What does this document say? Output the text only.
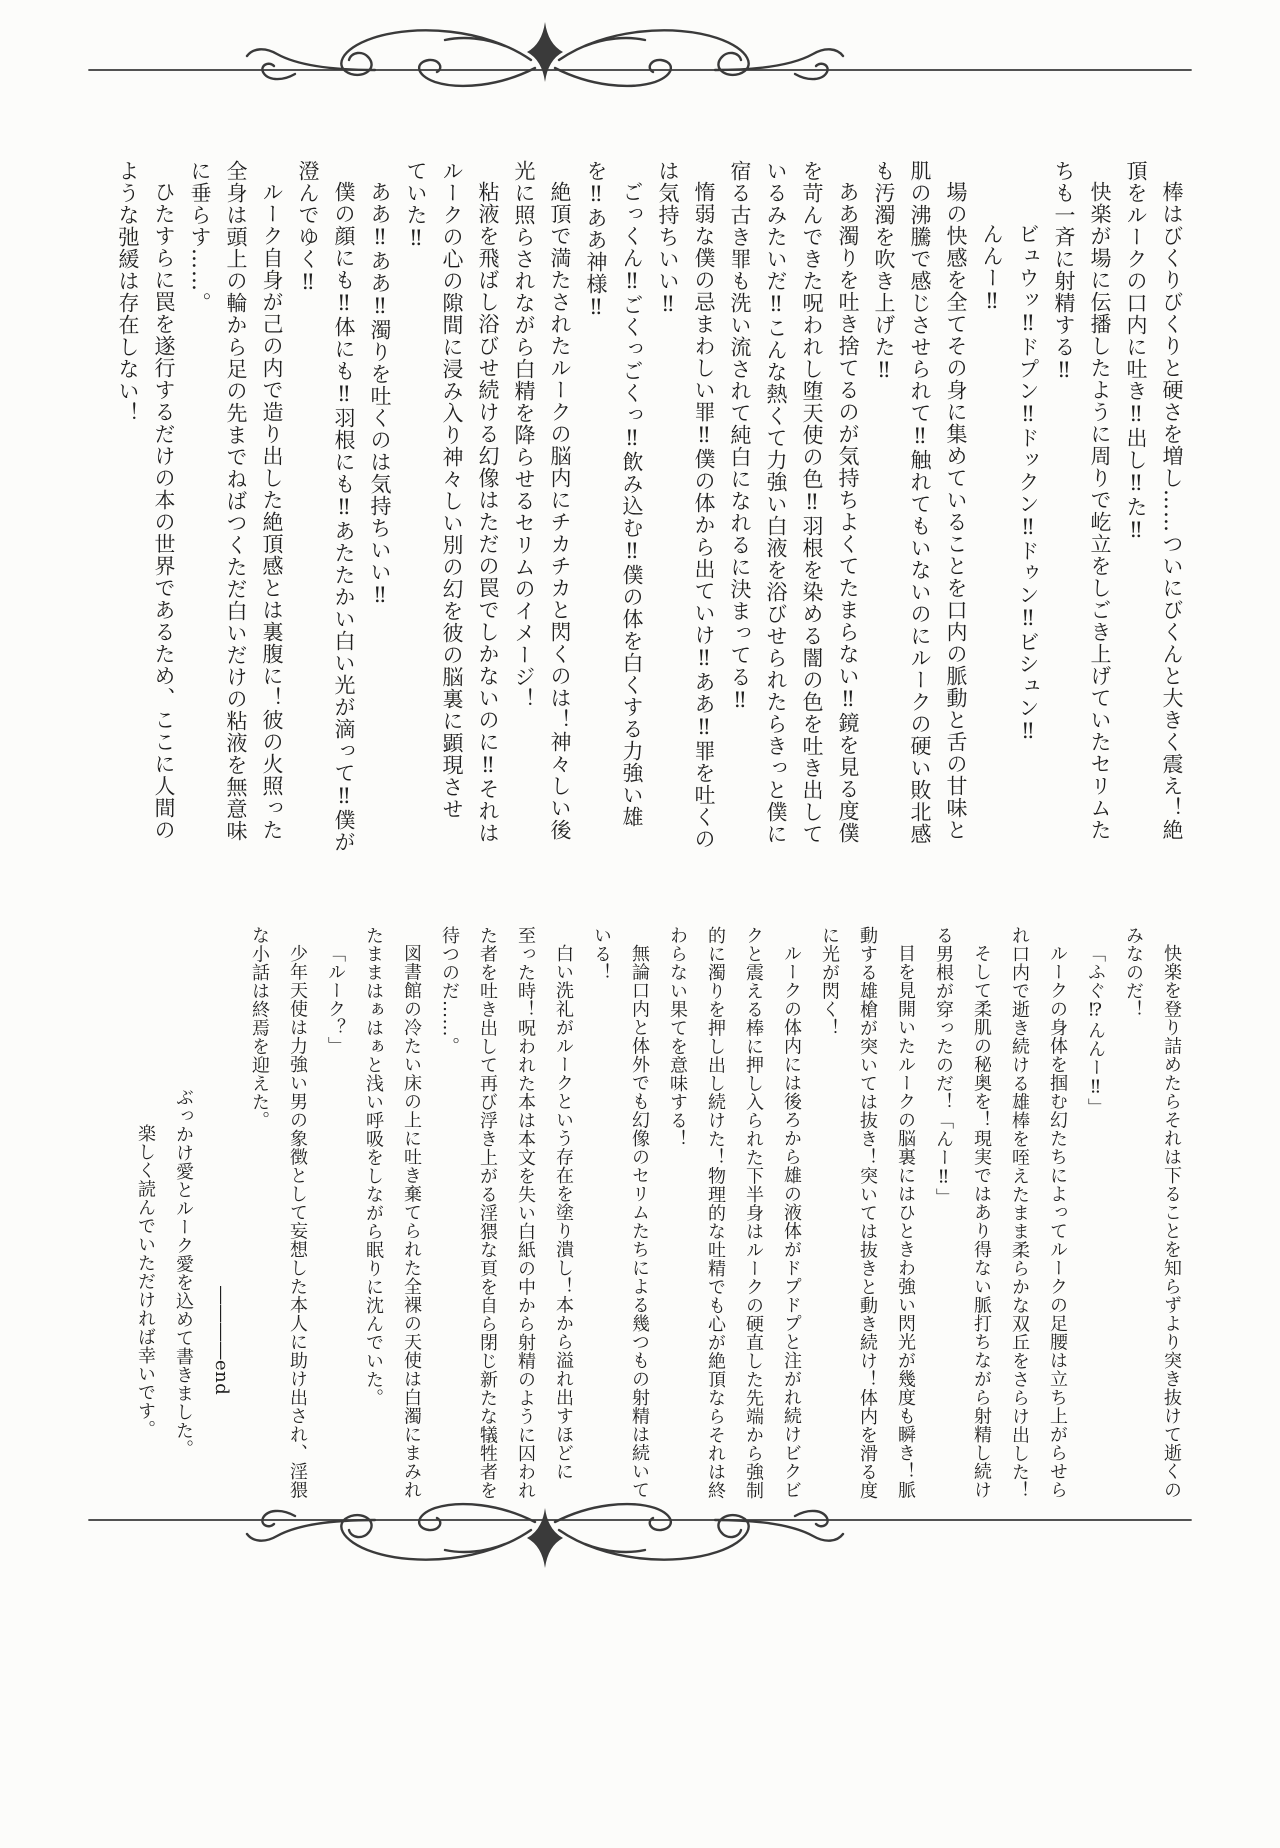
棒はびくりびくりと硬さを増し……ついにびくんと大きく震え！絶

頂をルークの口内に吐き‼出し‼た‼

快楽が場に伝播したように周りで屹立をしごき上げていたセリムた

ちも一斉に射精する‼

ビュウッ‼ドプン‼ドックン‼ドゥン‼ビシュン‼

んんー‼

場の快感を全てその身に集めていることを口内の脈動と舌の甘味と

肌の沸騰で感じさせられて‼触れてもいないのにルークの硬い敗北感

も汚濁を吹き上げた‼

ああ濁りを吐き捨てるのが気持ちよくてたまらない‼鏡を見る度僕

を苛んできた呪われし堕天使の色‼羽根を染める闇の色を吐き出して

いるみたいだ‼こんな熱くて力強い白液を浴びせられたらきっと僕に

宿る古き罪も洗い流されて純白になれるに決まってる‼

惰弱な僕の忌まわしい罪‼僕の体から出ていけ‼ああ‼罪を吐くの

は気持ちいい‼

ごっくん‼ごくっごくっ‼飲み込む‼僕の体を白くする力強い雄

を‼ああ神様‼

絶頂で満たされたルークの脳内にチカチカと閃くのは！神々しい後

光に照らされながら白精を降らせるセリムのイメージ！

粘液を飛ばし浴びせ続ける幻像はただの罠でしかないのに‼それは

ルークの心の隙間に浸み入り神々しい別の幻を彼の脳裏に顕現させ

ていた‼

ああ‼ああ‼濁りを吐くのは気持ちいい‼

僕の顔にも‼体にも‼羽根にも‼あたたかい白い光が滴って‼僕が

澄んでゆく‼

ルーク自身が己の内で造り出した絶頂感とは裏腹に！彼の火照った

全身は頭上の輪から足の先までねばつくただ白いだけの粘液を無意味

に垂らす……。

ひたすらに罠を遂行するだけの本の世界であるため、ここに人間の

ような弛緩は存在しない！

快楽を登り詰めたらそれは下ることを知らずより突き抜けて逝くの

みなのだ！

「ふぐ⁉んんー‼」

ルークの身体を掴む幻たちによってルークの足腰は立ち上がらせら

れ口内で逝き続ける雄棒を咥えたまま柔らかな双丘をさらけ出した！

そして柔肌の秘奥を！現実ではあり得ない脈打ちながら射精し続け

る男根が穿ったのだ！「んー‼」

目を見開いたルークの脳裏にはひときわ強い閃光が幾度も瞬き！脈

動する雄槍が突いては抜き！突いては抜きと動き続け！体内を滑る度

に光が閃く！

ルークの体内には後ろから雄の液体がドプドプと注がれ続けビクビ

クと震える棒に押し入られた下半身はルークの硬直した先端から強制

的に濁りを押し出し続けた！物理的な吐精でも心が絶頂ならそれは終

わらない果てを意味する！

無論口内と体外でも幻像のセリムたちによる幾つもの射精は続いて

いる！

白い洗礼がルークという存在を塗り潰し！本から溢れ出すほどに

至った時！呪われた本は本文を失い白紙の中から射精のように囚われ

た者を吐き出して再び浮き上がる淫猥な頁を自ら閉じ新たな犠牲者を

待つのだ……。

図書館の冷たい床の上に吐き棄てられた全裸の天使は白濁にまみれ

たままはぁはぁと浅い呼吸をしながら眠りに沈んでいた。

「ルーク？」

少年天使は力強い男の象徴として妄想した本人に助け出され、淫猥

な小話は終焉を迎えた。

――――end

ぶっかけ愛とルーク愛を込めて書きました。

楽しく読んでいただければ幸いです。
